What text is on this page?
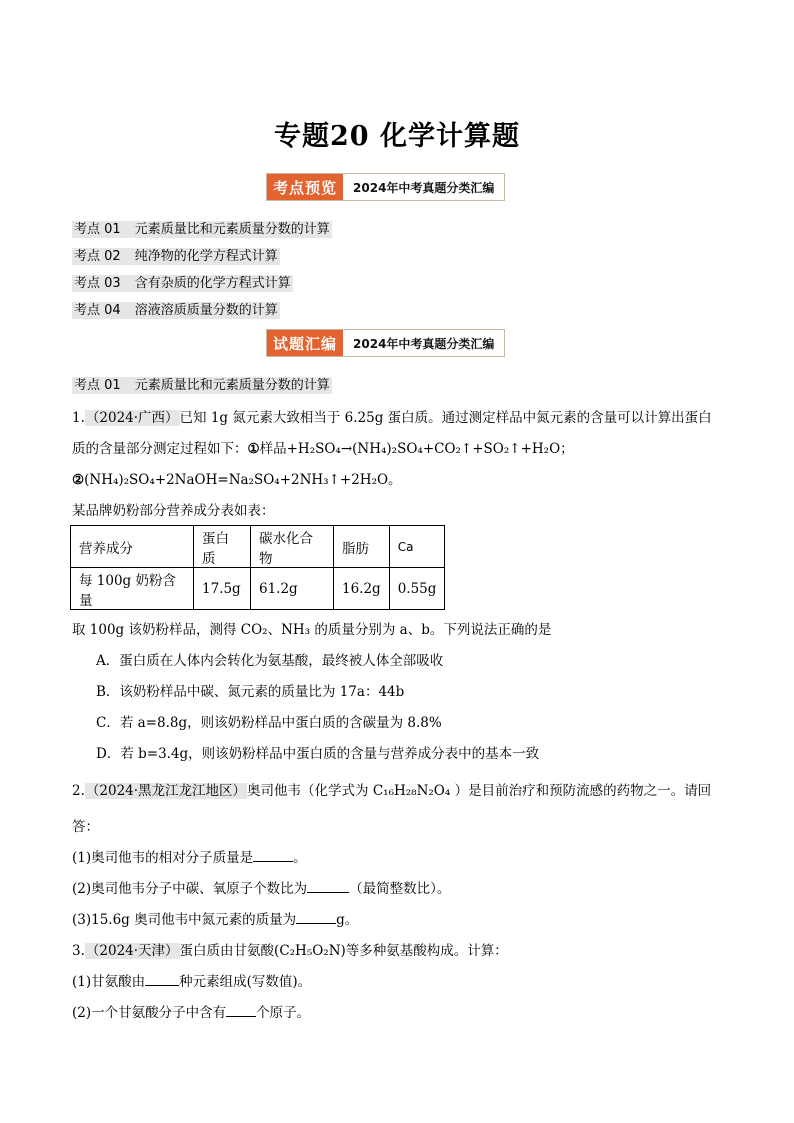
专题20 化学计算题
考点预览	2024年中考真题分类汇编
考点 01 元素质量比和元素质量分数的计算
考点 02 纯净物的化学方程式计算
考点 03 含有杂质的化学方程式计算
考点 04 溶液溶质质量分数的计算
试题汇编	2024年中考真题分类汇编
考点 01 元素质量比和元素质量分数的计算
1.（2024·广西）已知 1g 氮元素大致相当于 6.25g 蛋白质。通过测定样品中氮元素的含量可以计算出蛋白
质的含量部分测定过程如下：①样品+H₂SO₄→(NH₄)₂SO₄+CO₂↑+SO₂↑+H₂O；
②(NH₄)₂SO₄+2NaOH=Na₂SO₄+2NH₃↑+2H₂O。
某品牌奶粉部分营养成分表如表：
营养成分	蛋白质	碳水化合物	脂肪	Ca
每 100g 奶粉含量	17.5g	61.2g	16.2g	0.55g
取 100g 该奶粉样品，测得 CO₂、NH₃ 的质量分别为 a、b。下列说法正确的是
A．蛋白质在人体内会转化为氨基酸，最终被人体全部吸收
B．该奶粉样品中碳、氮元素的质量比为 17a：44b
C．若 a=8.8g，则该奶粉样品中蛋白质的含碳量为 8.8%
D．若 b=3.4g，则该奶粉样品中蛋白质的含量与营养成分表中的基本一致
2.（2024·黑龙江龙江地区）奥司他韦（化学式为 C₁₆H₂₈N₂O₄ ）是目前治疗和预防流感的药物之一。请回
答：
(1)奥司他韦的相对分子质量是	。
(2)奥司他韦分子中碳、氧原子个数比为	（最简整数比）。
(3)15.6g 奥司他韦中氮元素的质量为	g。
3.（2024·天津）蛋白质由甘氨酸(C₂H₅O₂N)等多种氨基酸构成。计算：
(1)甘氨酸由	种元素组成(写数值)。
(2)一个甘氨酸分子中含有 个原子。
